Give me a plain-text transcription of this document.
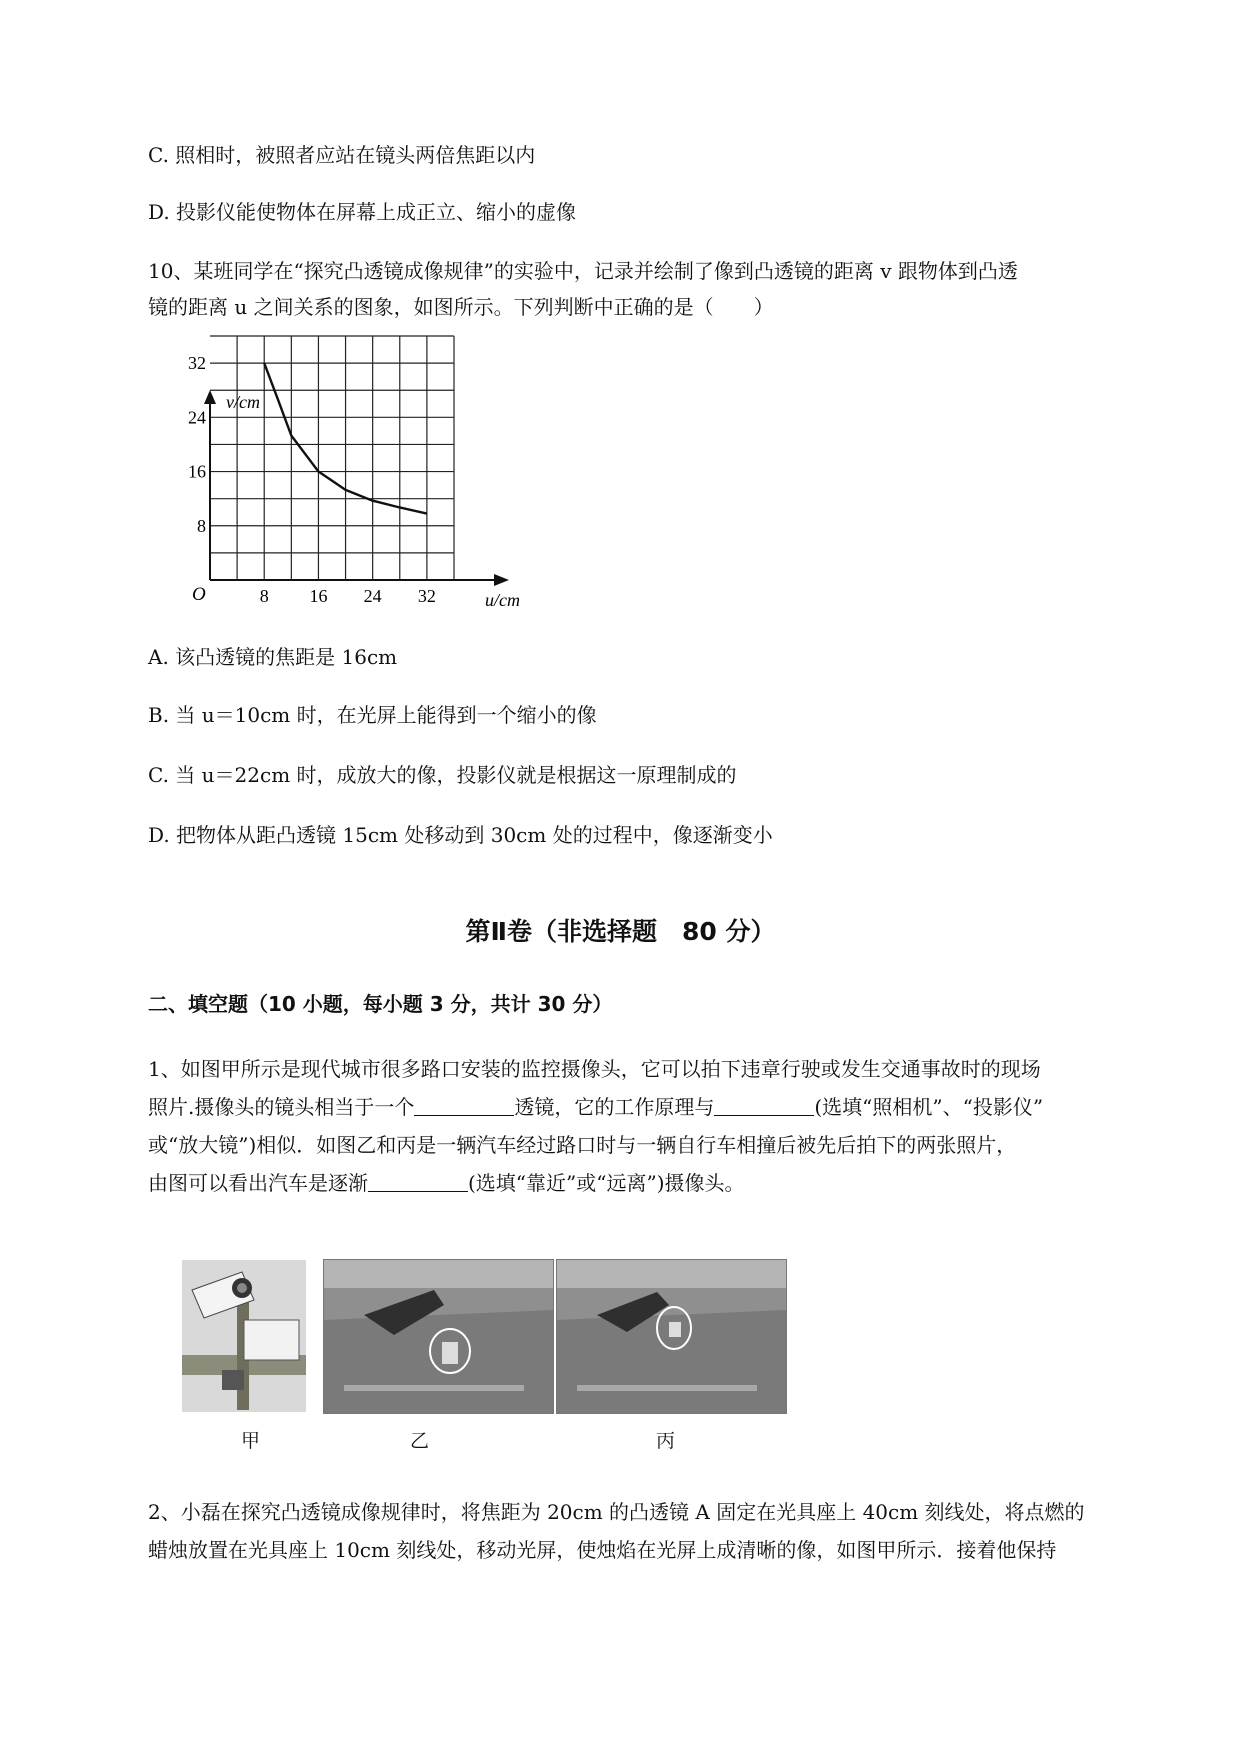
C. 照相时，被照者应站在镜头两倍焦距以内
D. 投影仪能使物体在屏幕上成正立、缩小的虚像
10、某班同学在“探究凸透镜成像规律”的实验中，记录并绘制了像到凸透镜的距离 v 跟物体到凸透
镜的距离 u 之间关系的图象，如图所示。下列判断中正确的是（　　）
8 16 24 32
8
16
24
32
v/cm
u/cm
O
A. 该凸透镜的焦距是 16cm
B. 当 u＝10cm 时，在光屏上能得到一个缩小的像
C. 当 u＝22cm 时，成放大的像，投影仪就是根据这一原理制成的
D. 把物体从距凸透镜 15cm 处移动到 30cm 处的过程中，像逐渐变小
第Ⅱ卷（非选择题　80 分）
二、填空题（10 小题，每小题 3 分，共计 30 分）
1、如图甲所示是现代城市很多路口安装的监控摄像头，它可以拍下违章行驶或发生交通事故时的现场
照片.摄像头的镜头相当于一个	透镜，它的工作原理与	(选填“照相机”、“投影仪”
或“放大镜”)相似．如图乙和丙是一辆汽车经过路口时与一辆自行车相撞后被先后拍下的两张照片，
由图可以看出汽车是逐渐	(选填“靠近”或“远离”)摄像头。
甲	乙	丙
2、小磊在探究凸透镜成像规律时，将焦距为 20cm 的凸透镜 A 固定在光具座上 40cm 刻线处，将点燃的
蜡烛放置在光具座上 10cm 刻线处，移动光屏，使烛焰在光屏上成清晰的像，如图甲所示．接着他保持
